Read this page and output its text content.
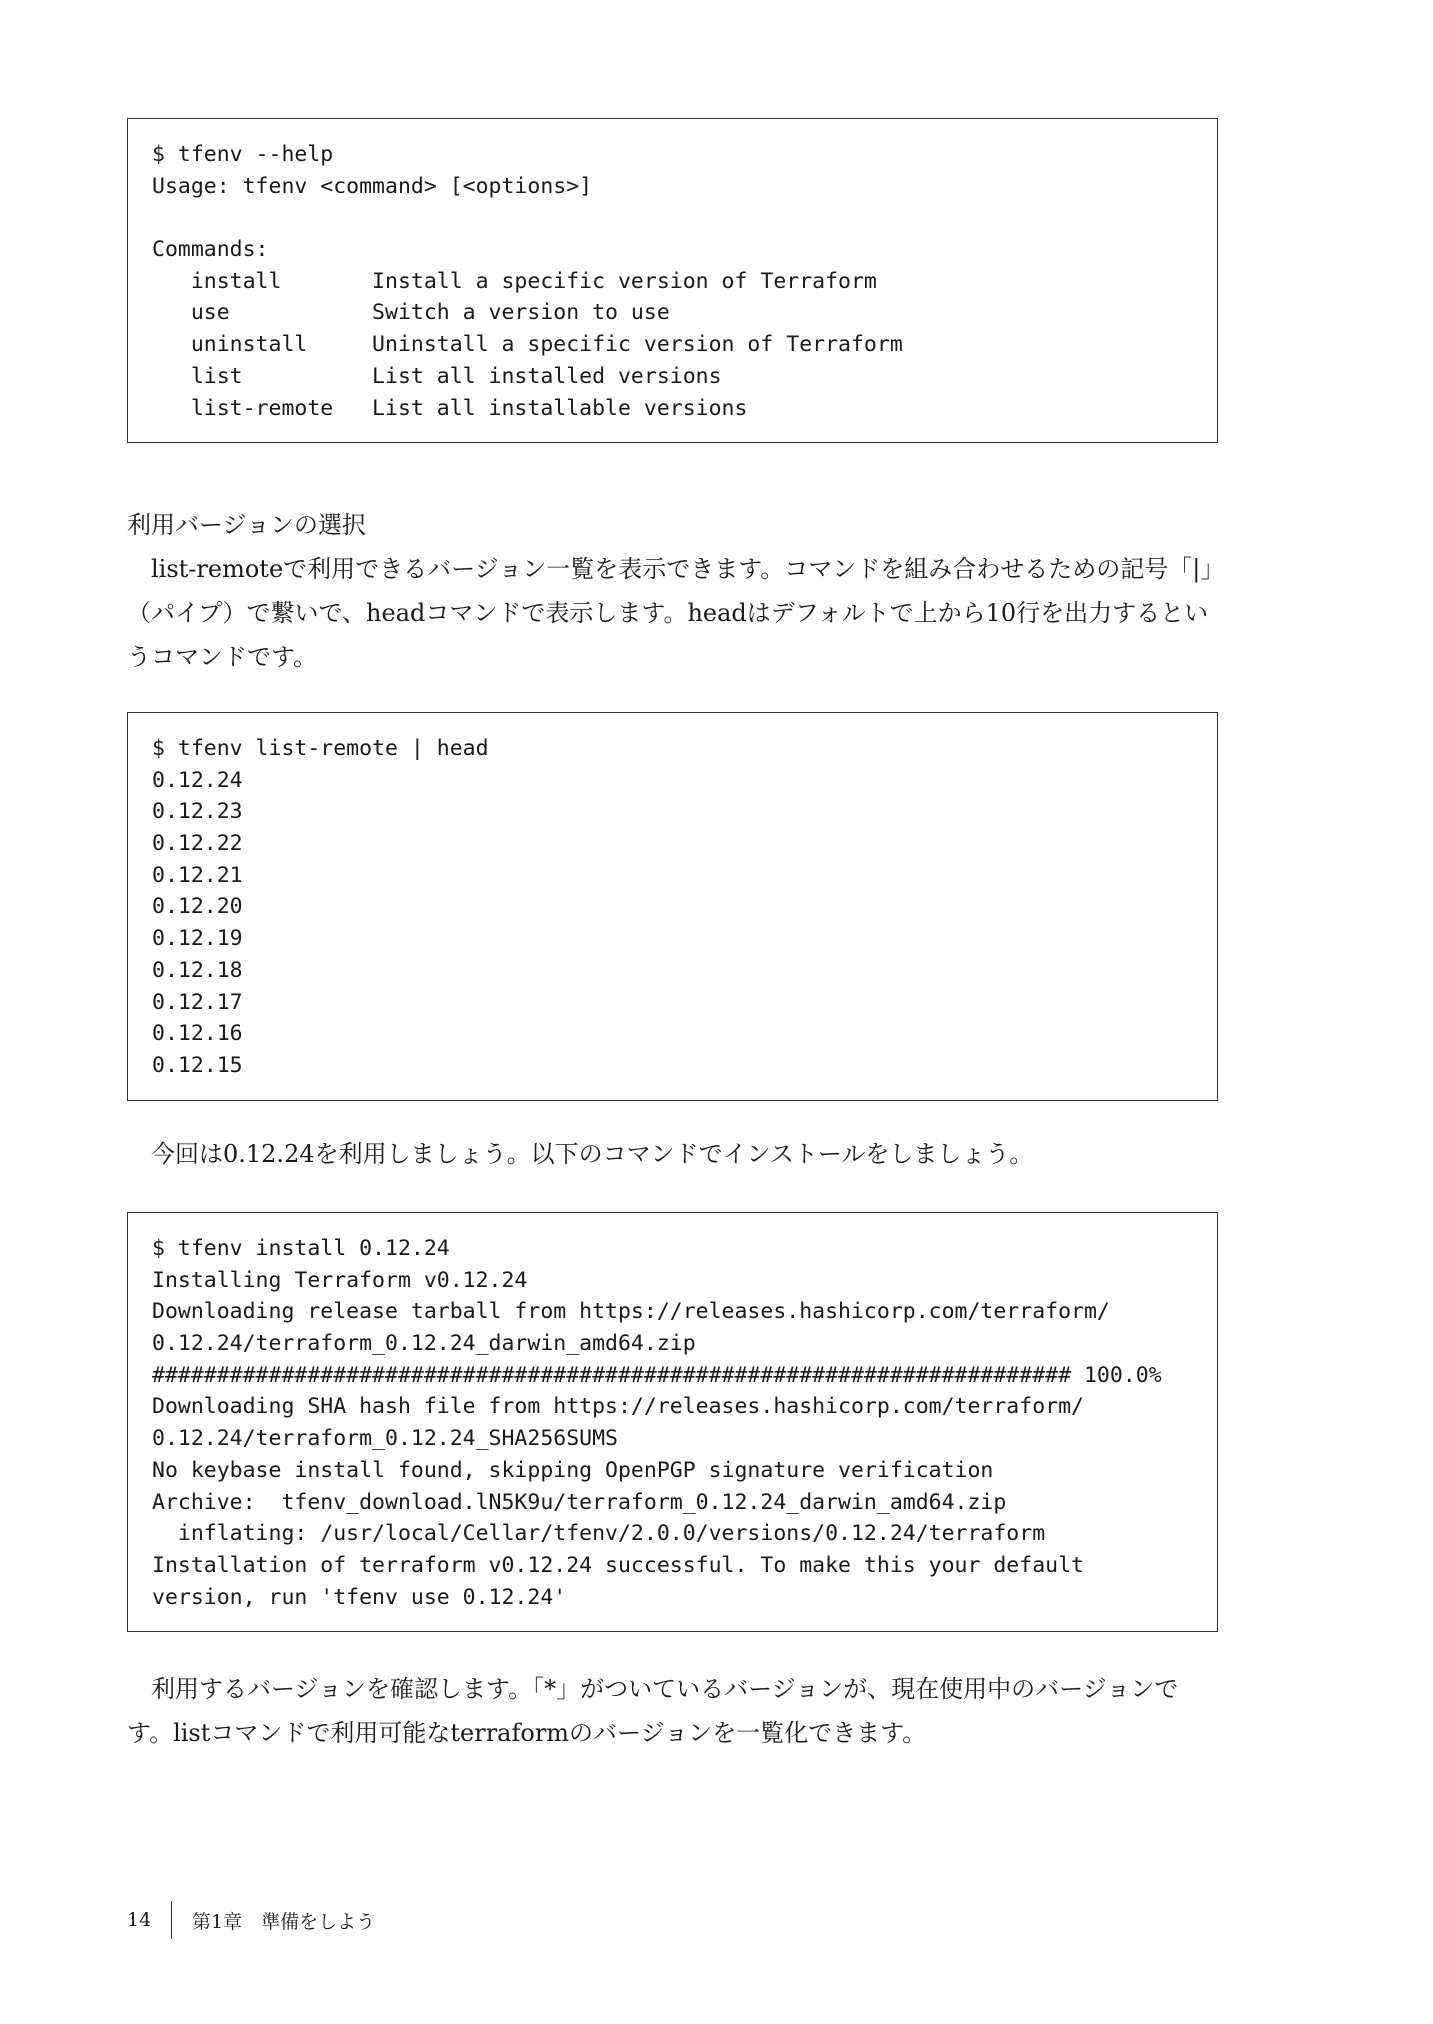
$ tfenv --help
Usage: tfenv <command> [<options>]
Commands:
install       Install a specific version of Terraform
use           Switch a version to use
uninstall     Uninstall a specific version of Terraform
list          List all installed versions
list-remote   List all installable versions
利用バージョンの選択
　list-remoteで利用できるバージョン一覧を表示できます。コマンドを組み合わせるための記号「|」
（パイプ）で繋いで、headコマンドで表示します。headはデフォルトで上から10行を出力するとい
うコマンドです。
$ tfenv list-remote | head
0.12.24
0.12.23
0.12.22
0.12.21
0.12.20
0.12.19
0.12.18
0.12.17
0.12.16
0.12.15
　今回は0.12.24を利用しましょう。以下のコマンドでインストールをしましょう。
$ tfenv install 0.12.24
Installing Terraform v0.12.24
Downloading release tarball from https://releases.hashicorp.com/terraform/
0.12.24/terraform_0.12.24_darwin_amd64.zip
####################################################################### 100.0%
Downloading SHA hash file from https://releases.hashicorp.com/terraform/
0.12.24/terraform_0.12.24_SHA256SUMS
No keybase install found, skipping OpenPGP signature verification
Archive:  tfenv_download.lN5K9u/terraform_0.12.24_darwin_amd64.zip
inflating: /usr/local/Cellar/tfenv/2.0.0/versions/0.12.24/terraform
Installation of terraform v0.12.24 successful. To make this your default
version, run 'tfenv use 0.12.24'
　利用するバージョンを確認します。「*」がついているバージョンが、現在使用中のバージョンで
す。listコマンドで利用可能なterraformのバージョンを一覧化できます。
14	第1章　準備をしよう
